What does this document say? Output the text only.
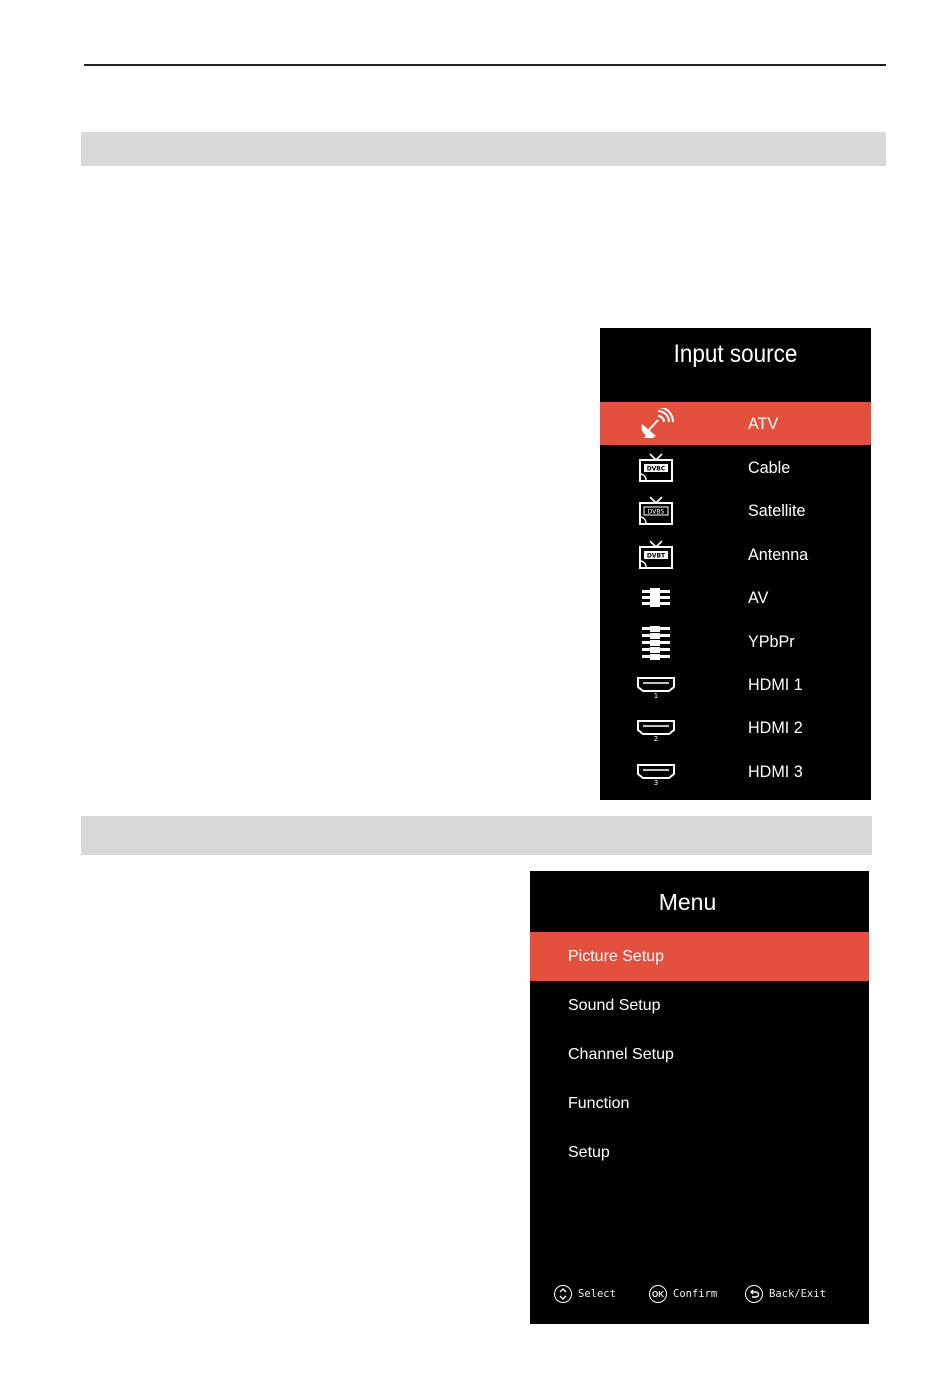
Input source
ATV
DVBC	Cable
DVBS	Satellite
DVBT	Antenna
AV
YPbPr
1
HDMI 1
2
HDMI 2
3
HDMI 3
Menu
Picture Setup
Sound Setup
Channel Setup
Function
Setup
Select	OK Confirm	Back/Exit
